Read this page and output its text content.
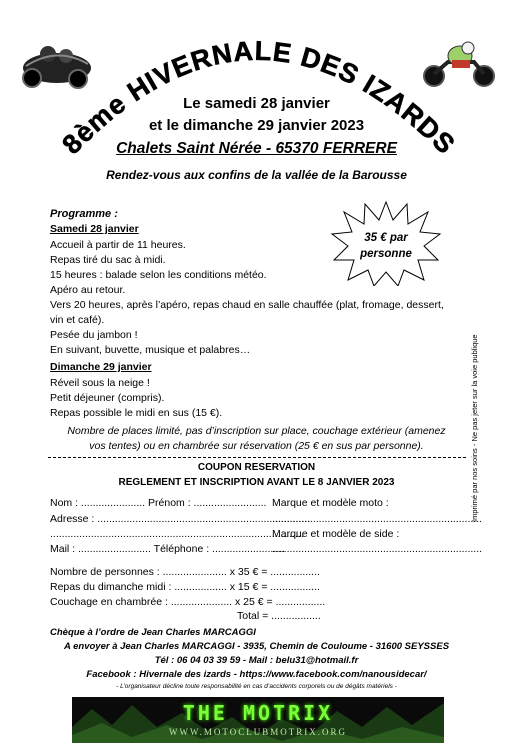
8ème HIVERNALE DES IZARDS
Le samedi 28 janvier
et le dimanche 29 janvier 2023
Chalets Saint Nérée - 65370 FERRERE
Rendez-vous aux confins de la vallée de la Barousse
35 € par
personne
Programme :
Samedi 28 janvier
Accueil à partir de 11 heures.
Repas tiré du sac à midi.
15 heures : balade selon les conditions météo.
Apéro au retour.
Vers 20 heures, après l’apéro, repas chaud en salle chauffée (plat, fromage, dessert,
vin et café).
Pesée du jambon !
En suivant, buvette, musique et palabres…
Dimanche 29 janvier
Réveil sous la neige !
Petit déjeuner (compris).
Repas possible le midi en sus (15 €).
Nombre de places limité, pas d’inscription sur place, couchage extérieur (amenez
vos tentes) ou en chambrée sur réservation (25 € en sus par personne).
COUPON RESERVATION
REGLEMENT ET INSCRIPTION AVANT LE 8 JANVIER 2023
Nom : ...................... Prénom : ......................... Marque et modèle moto :
Adresse : .........................................................................
........................................................................
.......................................................................................
Marque et modèle de side :
Mail : ......................... Téléphone : .........................
........................................................................
Nombre de personnes : ...................... x 35 € = .................
Repas du dimanche midi : .................. x 15 € = .................
Couchage en chambrée : ..................... x 25 € = .................
Total = .................
Chèque à l’ordre de Jean Charles MARCAGGI
A envoyer à Jean Charles MARCAGGI - 3935, Chemin de Couloume - 31600 SEYSSES
Tél : 06 04 03 39 59 - Mail : belu31@hotmail.fr
Facebook : Hivernale des izards - https://www.facebook.com/nanousidecar/
- L’organisateur décline toute responsabilité en cas d’accidents corporels ou de dégâts matériels -
Imprimé par nos soins - Ne pas jeter sur la voie publique
THE MOTRIX
WWW.MOTOCLUBMOTRIX.ORG
